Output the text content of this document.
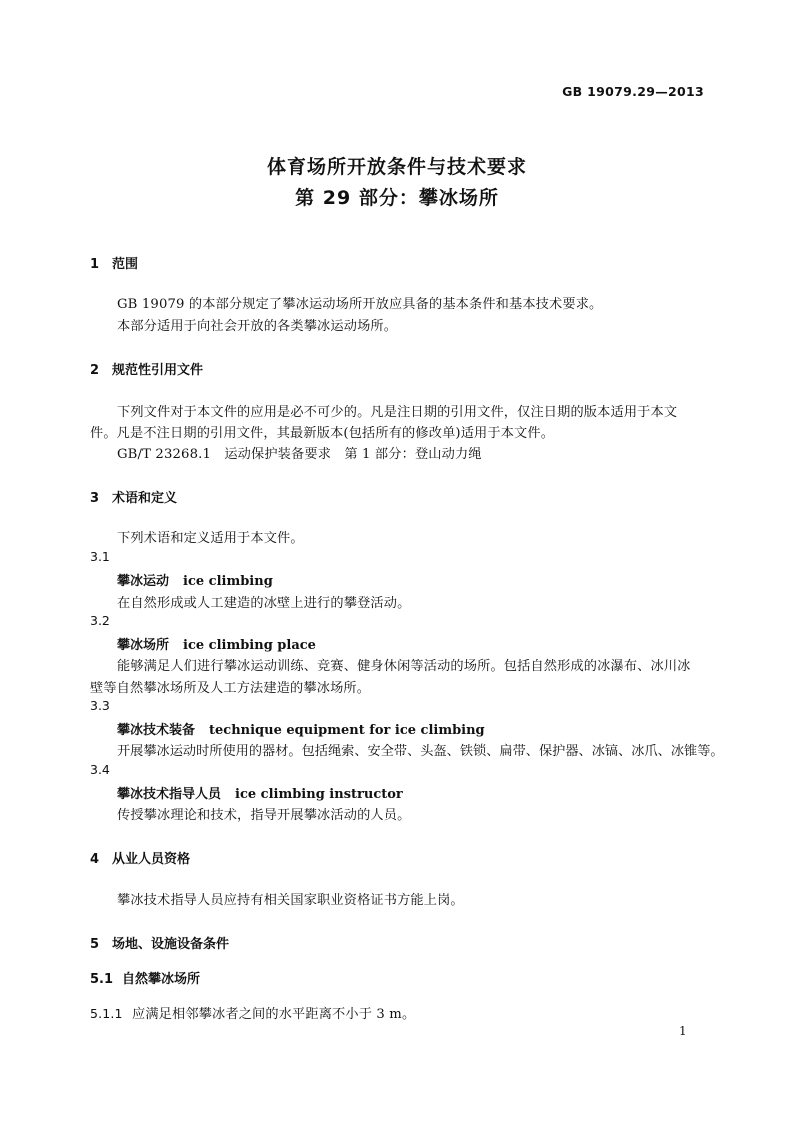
GB 19079.29—2013
体育场所开放条件与技术要求
第 29 部分：攀冰场所
1 范围
GB 19079 的本部分规定了攀冰运动场所开放应具备的基本条件和基本技术要求。
本部分适用于向社会开放的各类攀冰运动场所。
2 规范性引用文件
下列文件对于本文件的应用是必不可少的。凡是注日期的引用文件，仅注日期的版本适用于本文
件。凡是不注日期的引用文件，其最新版本(包括所有的修改单)适用于本文件。
GB/T 23268.1　运动保护装备要求　第 1 部分：登山动力绳
3 术语和定义
下列术语和定义适用于本文件。
3.1
攀冰运动 ice climbing
在自然形成或人工建造的冰壁上进行的攀登活动。
3.2
攀冰场所 ice climbing place
能够满足人们进行攀冰运动训练、竞赛、健身休闲等活动的场所。包括自然形成的冰瀑布、冰川冰
壁等自然攀冰场所及人工方法建造的攀冰场所。
3.3
攀冰技术装备 technique equipment for ice climbing
开展攀冰运动时所使用的器材。包括绳索、安全带、头盔、铁锁、扁带、保护器、冰镐、冰爪、冰锥等。
3.4
攀冰技术指导人员 ice climbing instructor
传授攀冰理论和技术，指导开展攀冰活动的人员。
4 从业人员资格
攀冰技术指导人员应持有相关国家职业资格证书方能上岗。
5 场地、设施设备条件
5.1 自然攀冰场所
5.1.1 应满足相邻攀冰者之间的水平距离不小于 3 m。
1
